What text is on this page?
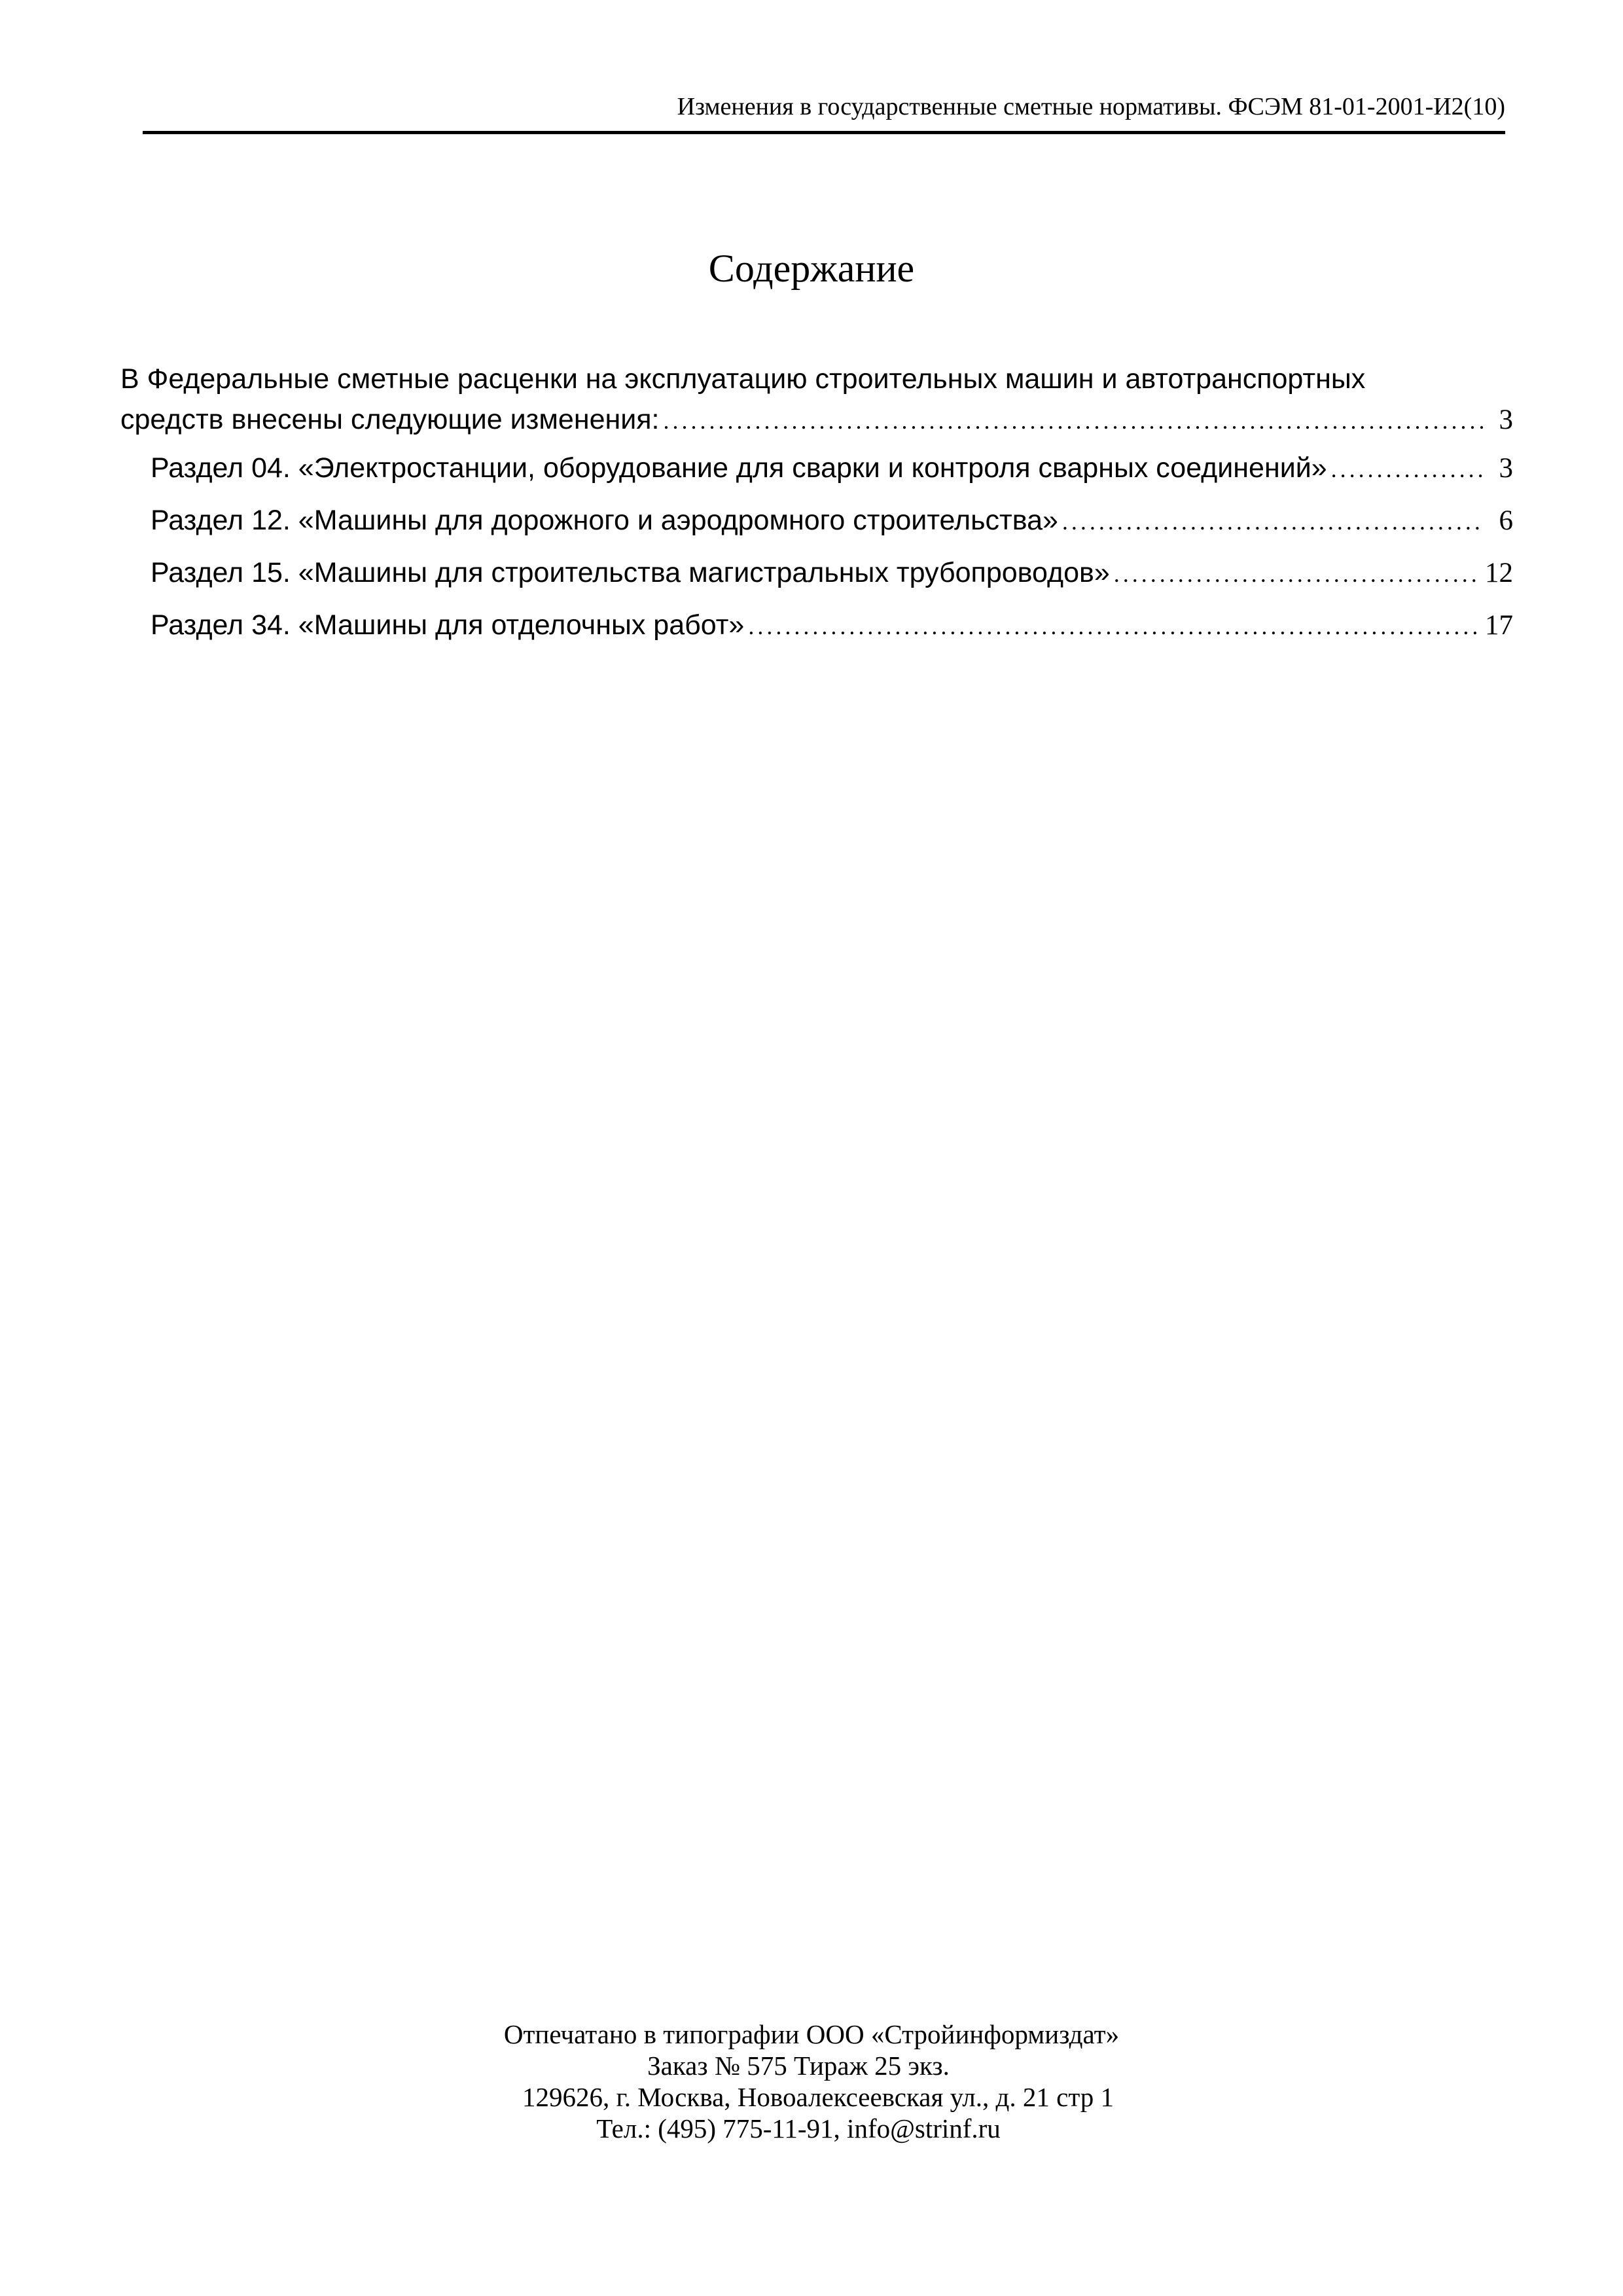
Изменения в государственные сметные нормативы. ФСЭМ 81-01-2001-И2(10)
Содержание
В Федеральные сметные расценки на эксплуатацию строительных машин и автотранспортных
средств внесены следующие изменения: . . .	3
Раздел 04. «Электростанции, оборудование для сварки и контроля сварных соединений» . . .	3
Раздел 12. «Машины для дорожного и аэродромного строительства» . . .	6
Раздел 15. «Машины для строительства магистральных трубопроводов» . . .	12
Раздел 34. «Машины для отделочных работ» . . .	17
Отпечатано в типографии ООО «Стройинформиздат»
Заказ № 575 Тираж 25 экз.
129626, г. Москва, Новоалексеевская ул., д. 21 стр 1
Тел.: (495) 775-11-91, info@strinf.ru
